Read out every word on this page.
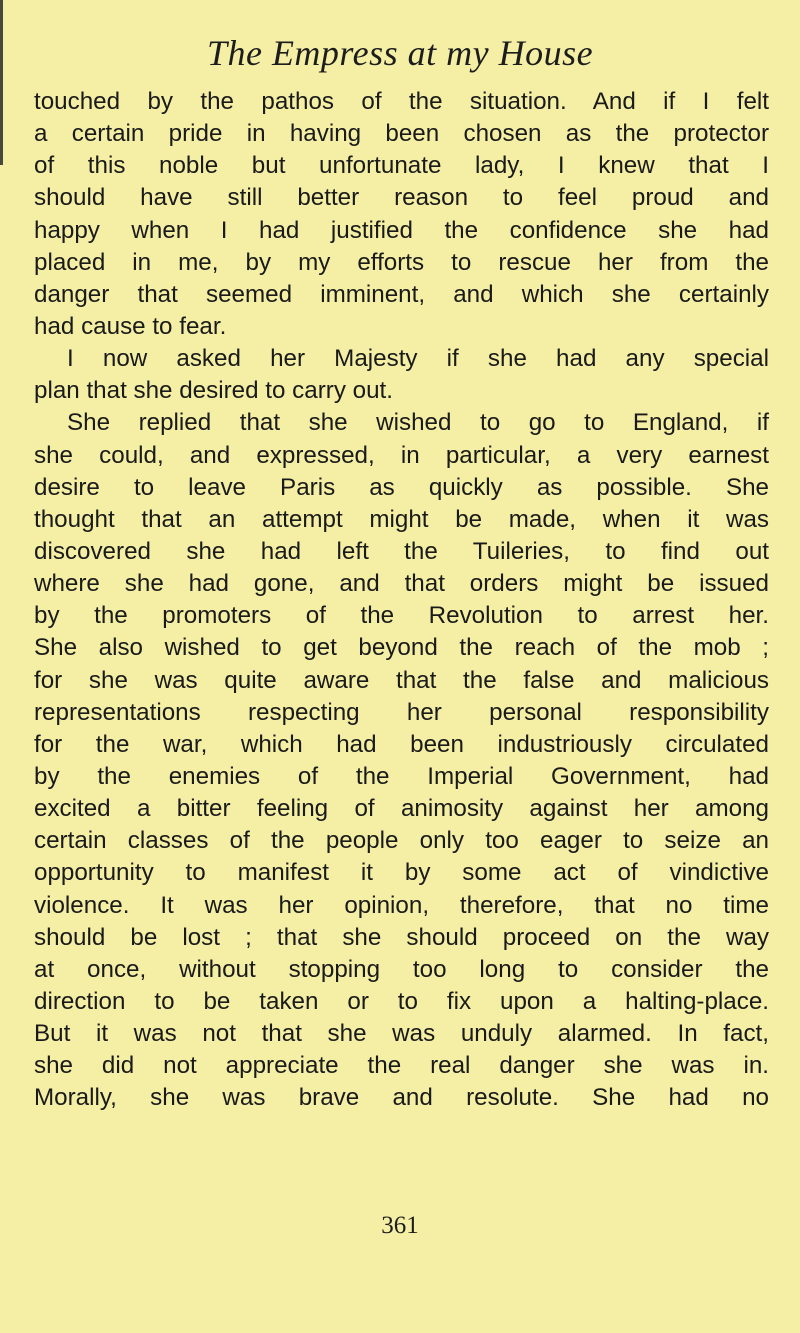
The Empress at my House
touched by the pathos of the situation. And if I felt
a certain pride in having been chosen as the protector
of this noble but unfortunate lady, I knew that I
should have still better reason to feel proud and
happy when I had justified the confidence she had
placed in me, by my efforts to rescue her from the
danger that seemed imminent, and which she certainly
had cause to fear.
I now asked her Majesty if she had any special
plan that she desired to carry out.
She replied that she wished to go to England, if
she could, and expressed, in particular, a very earnest
desire to leave Paris as quickly as possible. She
thought that an attempt might be made, when it was
discovered she had left the Tuileries, to find out
where she had gone, and that orders might be issued
by the promoters of the Revolution to arrest her.
She also wished to get beyond the reach of the mob ;
for she was quite aware that the false and malicious
representations respecting her personal responsibility
for the war, which had been industriously circulated
by the enemies of the Imperial Government, had
excited a bitter feeling of animosity against her among
certain classes of the people only too eager to seize an
opportunity to manifest it by some act of vindictive
violence. It was her opinion, therefore, that no time
should be lost ; that she should proceed on the way
at once, without stopping too long to consider the
direction to be taken or to fix upon a halting-place.
But it was not that she was unduly alarmed. In fact,
she did not appreciate the real danger she was in.
Morally, she was brave and resolute. She had no
361
